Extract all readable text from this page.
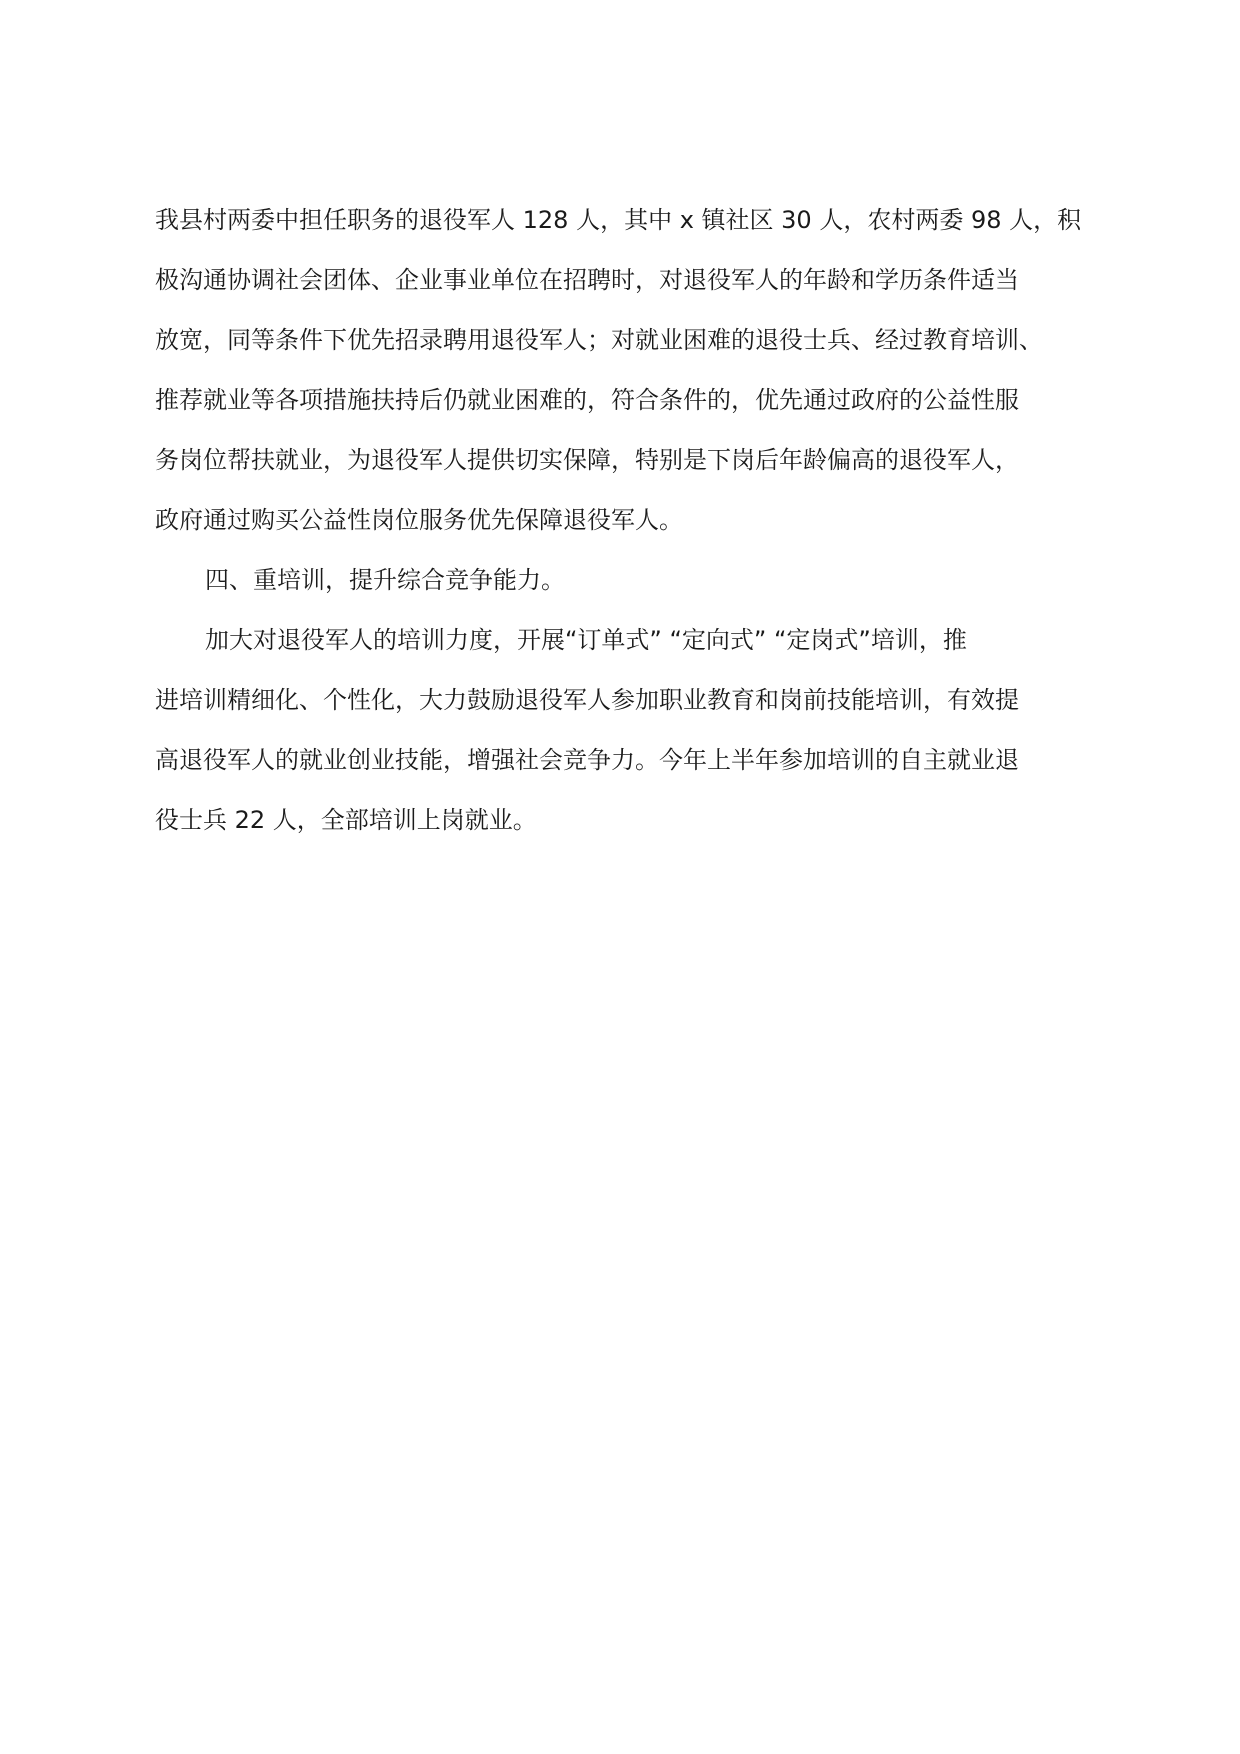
我县村两委中担任职务的退役军人 128 人，其中 x 镇社区 30 人，农村两委 98 人，积
极沟通协调社会团体、企业事业单位在招聘时，对退役军人的年龄和学历条件适当
放宽，同等条件下优先招录聘用退役军人；对就业困难的退役士兵、经过教育培训、
推荐就业等各项措施扶持后仍就业困难的，符合条件的，优先通过政府的公益性服
务岗位帮扶就业，为退役军人提供切实保障，特别是下岗后年龄偏高的退役军人，
政府通过购买公益性岗位服务优先保障退役军人。
四、重培训，提升综合竞争能力。
加大对退役军人的培训力度，开展“订单式” “定向式” “定岗式”培训，推
进培训精细化、个性化，大力鼓励退役军人参加职业教育和岗前技能培训，有效提
高退役军人的就业创业技能，增强社会竞争力。今年上半年参加培训的自主就业退
役士兵 22 人，全部培训上岗就业。
